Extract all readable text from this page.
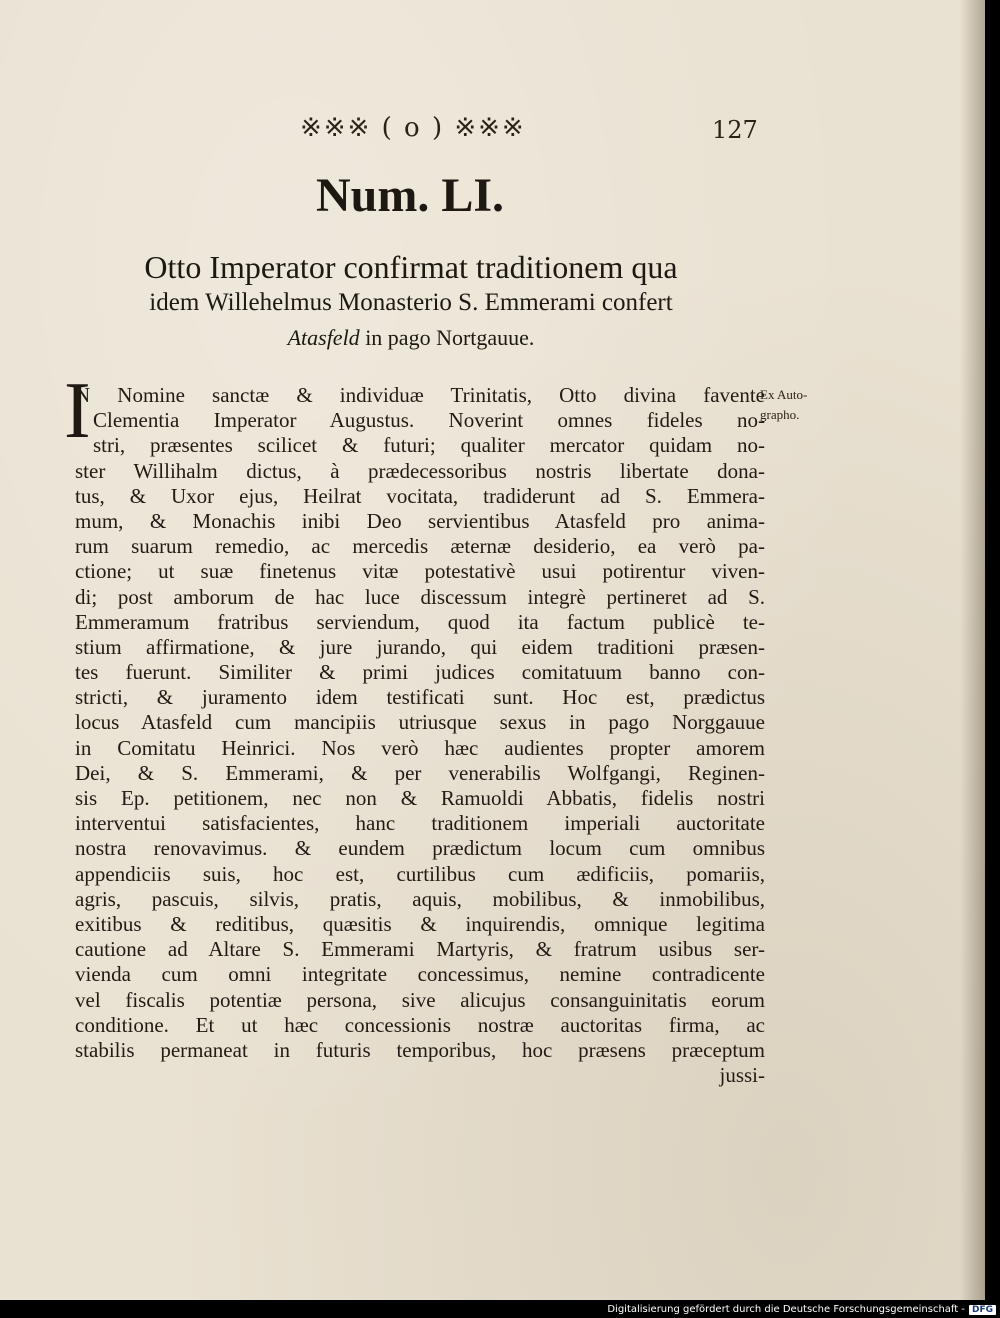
※※※ ( o ) ※※※	127
Num. LI.
Otto Imperator confirmat traditionem qua
idem Willehelmus Monasterio S. Emmerami confert
Atasfeld in pago Nortgauue.
Ex Auto-
grapho.
I
N Nomine sanctæ & individuæ Trinitatis, Otto divina favente
Clementia Imperator Augustus. Noverint omnes fideles no-
stri, præsentes scilicet & futuri; qualiter mercator quidam no-
ster Willihalm dictus, à prædecessoribus nostris libertate dona-
tus, & Uxor ejus, Heilrat vocitata, tradiderunt ad S. Emmera-
mum, & Monachis inibi Deo servientibus Atasfeld pro anima-
rum suarum remedio, ac mercedis æternæ desiderio, ea verò pa-
ctione; ut suæ finetenus vitæ potestativè usui potirentur viven-
di; post amborum de hac luce discessum integrè pertineret ad S.
Emmeramum fratribus serviendum, quod ita factum publicè te-
stium affirmatione, & jure jurando, qui eidem traditioni præsen-
tes fuerunt. Similiter & primi judices comitatuum banno con-
stricti, & juramento idem testificati sunt. Hoc est, prædictus
locus Atasfeld cum mancipiis utriusque sexus in pago Norggauue
in Comitatu Heinrici. Nos verò hæc audientes propter amorem
Dei, & S. Emmerami, & per venerabilis Wolfgangi, Reginen-
sis Ep. petitionem, nec non & Ramuoldi Abbatis, fidelis nostri
interventui satisfacientes, hanc traditionem imperiali auctoritate
nostra renovavimus. & eundem prædictum locum cum omnibus
appendiciis suis, hoc est, curtilibus cum ædificiis, pomariis,
agris, pascuis, silvis, pratis, aquis, mobilibus, & inmobilibus,
exitibus & reditibus, quæsitis & inquirendis, omnique legitima
cautione ad Altare S. Emmerami Martyris, & fratrum usibus ser-
vienda cum omni integritate concessimus, nemine contradicente
vel fiscalis potentiæ persona, sive alicujus consanguinitatis eorum
conditione. Et ut hæc concessionis nostræ auctoritas firma, ac
stabilis permaneat in futuris temporibus, hoc præsens præceptum
jussi-
Digitalisierung gefördert durch die Deutsche Forschungsgemeinschaft - DFG
